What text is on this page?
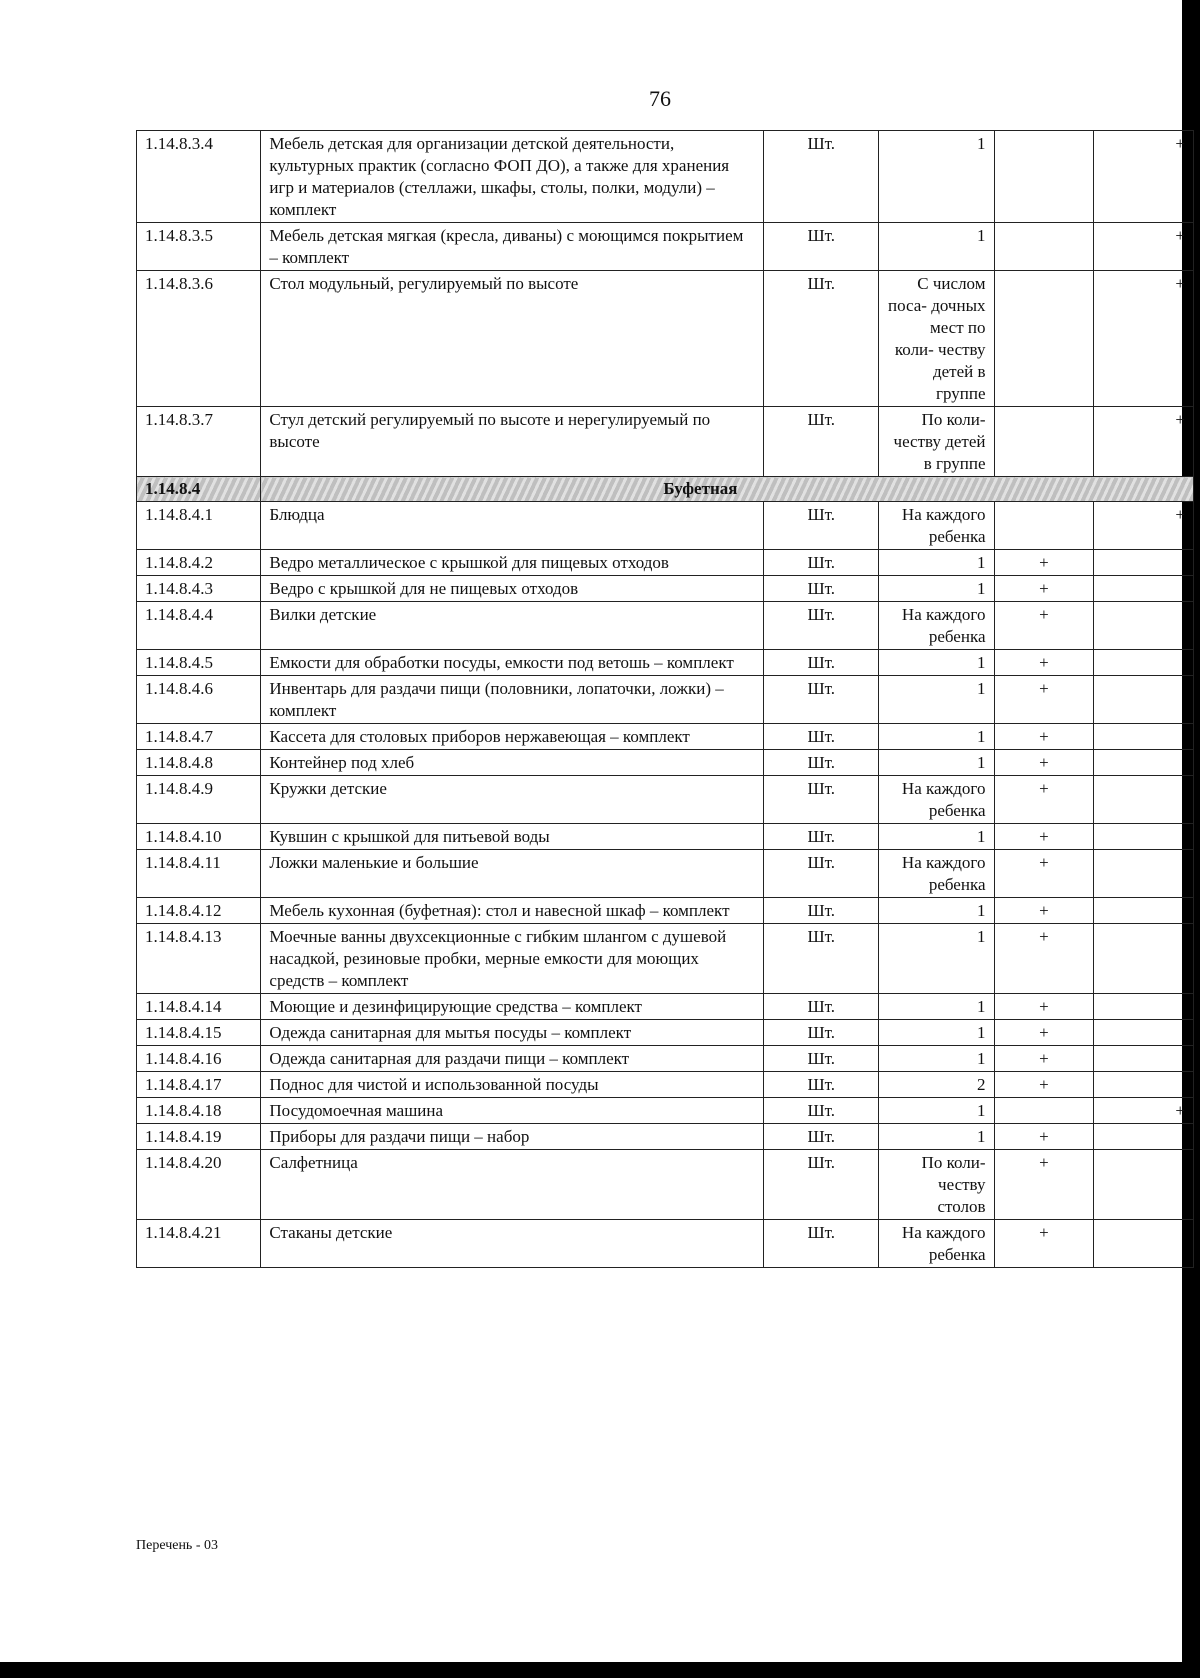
76
1.14.8.3.4	Мебель детская для организации детской деятельности, культурных практик (согласно ФОП ДО), а также для хранения игр и материалов (стеллажи, шкафы, столы, полки, модули) – комплект	Шт.	1		+
1.14.8.3.5	Мебель детская мягкая (кресла, диваны) с моющимся покрытием – комплект	Шт.	1		+
1.14.8.3.6	Стол модульный, регулируемый по высоте	Шт.	С числом поса- дочных мест по коли- честву детей в группе		+
1.14.8.3.7	Стул детский регулируемый по высоте и нерегулируемый по высоте	Шт.	По коли- честву детей в группе		+
1.14.8.4	Буфетная				
1.14.8.4.1	Блюдца	Шт.	На каждого ребенка		+
1.14.8.4.2	Ведро металлическое с крышкой для пищевых отходов	Шт.	1	+	
1.14.8.4.3	Ведро с крышкой для не пищевых отходов	Шт.	1	+	
1.14.8.4.4	Вилки детские	Шт.	На каждого ребенка	+	
1.14.8.4.5	Емкости для обработки посуды, емкости под ветошь – комплект	Шт.	1	+	
1.14.8.4.6	Инвентарь для раздачи пищи (половники, лопаточки, ложки) – комплект	Шт.	1	+	
1.14.8.4.7	Кассета для столовых приборов нержавеющая – комплект	Шт.	1	+	
1.14.8.4.8	Контейнер под хлеб	Шт.	1	+	
1.14.8.4.9	Кружки детские	Шт.	На каждого ребенка	+	
1.14.8.4.10	Кувшин с крышкой для питьевой воды	Шт.	1	+	
1.14.8.4.11	Ложки маленькие и большие	Шт.	На каждого ребенка	+	
1.14.8.4.12	Мебель кухонная (буфетная): стол и навесной шкаф – комплект	Шт.	1	+	
1.14.8.4.13	Моечные ванны двухсекционные с гибким шлангом с душевой насадкой, резиновые пробки, мерные емкости для моющих средств – комплект	Шт.	1	+	
1.14.8.4.14	Моющие и дезинфицирующие средства – комплект	Шт.	1	+	
1.14.8.4.15	Одежда санитарная для мытья посуды – комплект	Шт.	1	+	
1.14.8.4.16	Одежда санитарная для раздачи пищи – комплект	Шт.	1	+	
1.14.8.4.17	Поднос для чистой и использованной посуды	Шт.	2	+	
1.14.8.4.18	Посудомоечная машина	Шт.	1		+
1.14.8.4.19	Приборы для раздачи пищи – набор	Шт.	1	+	
1.14.8.4.20	Салфетница	Шт.	По коли- честву столов	+	
1.14.8.4.21	Стаканы детские	Шт.	На каждого ребенка	+	
Перечень - 03
